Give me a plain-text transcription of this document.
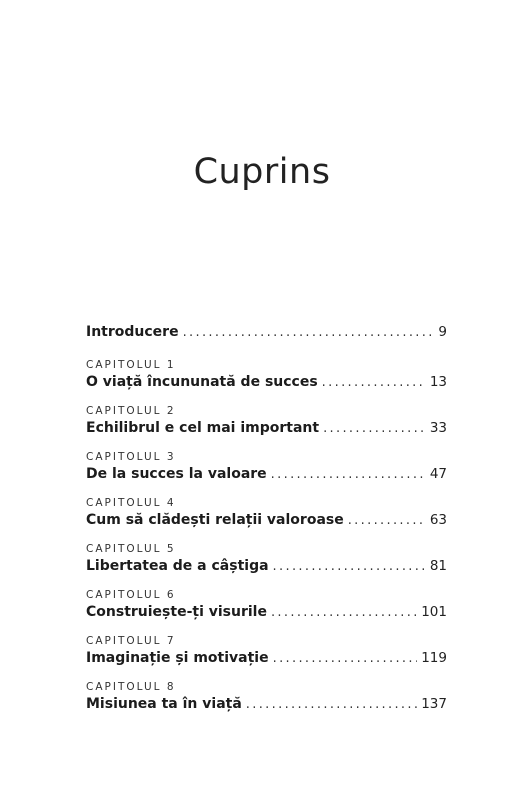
Cuprins
Introducere . . .	9
CAPITOLUL 1
O viață încununată de succes . . .	13
CAPITOLUL 2
Echilibrul e cel mai important . . .	33
CAPITOLUL 3
De la succes la valoare . . .	47
CAPITOLUL 4
Cum să clădești relații valoroase . . .	63
CAPITOLUL 5
Libertatea de a câștiga . . .	81
CAPITOLUL 6
Construiește-ți visurile . . .	101
CAPITOLUL 7
Imaginație și motivație . . .	119
CAPITOLUL 8
Misiunea ta în viață . . .	137
